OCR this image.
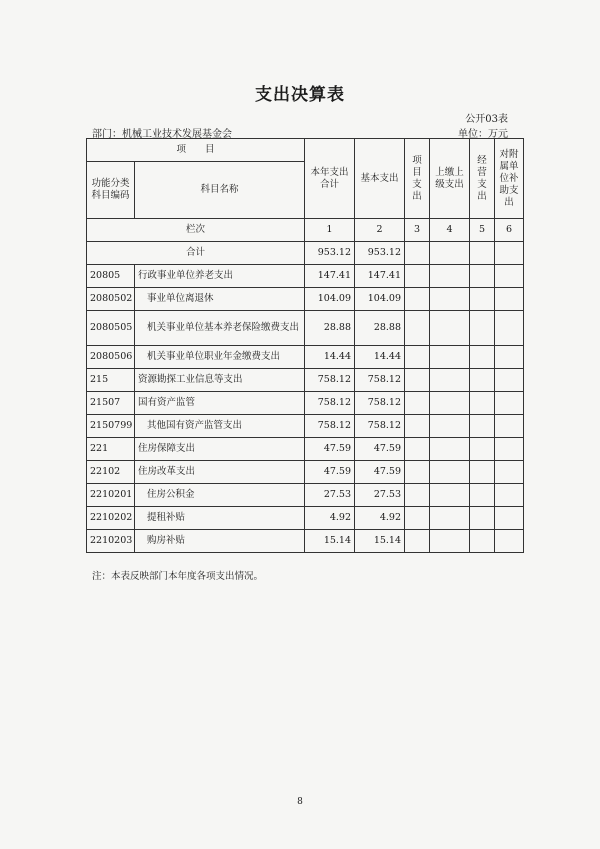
支出决算表
公开03表
部门：机械工业技术发展基金会	单位：万元
项　　目		本年支出合计	基本支出	项目支出	上缴上级支出	经营支出	对附属单位补助支出
功能分类科目编码	科目名称						
栏次		1	2	3	4	5	6
合计		953.12	953.12				
20805	行政事业单位养老支出	147.41	147.41				
2080502	事业单位离退休	104.09	104.09				
2080505	机关事业单位基本养老保险缴费支出	28.88	28.88				
2080506	机关事业单位职业年金缴费支出	14.44	14.44				
215	资源勘探工业信息等支出	758.12	758.12				
21507	国有资产监管	758.12	758.12				
2150799	其他国有资产监管支出	758.12	758.12				
221	住房保障支出	47.59	47.59				
22102	住房改革支出	47.59	47.59				
2210201	住房公积金	27.53	27.53				
2210202	提租补贴	4.92	4.92				
2210203	购房补贴	15.14	15.14				
注：本表反映部门本年度各项支出情况。
8
